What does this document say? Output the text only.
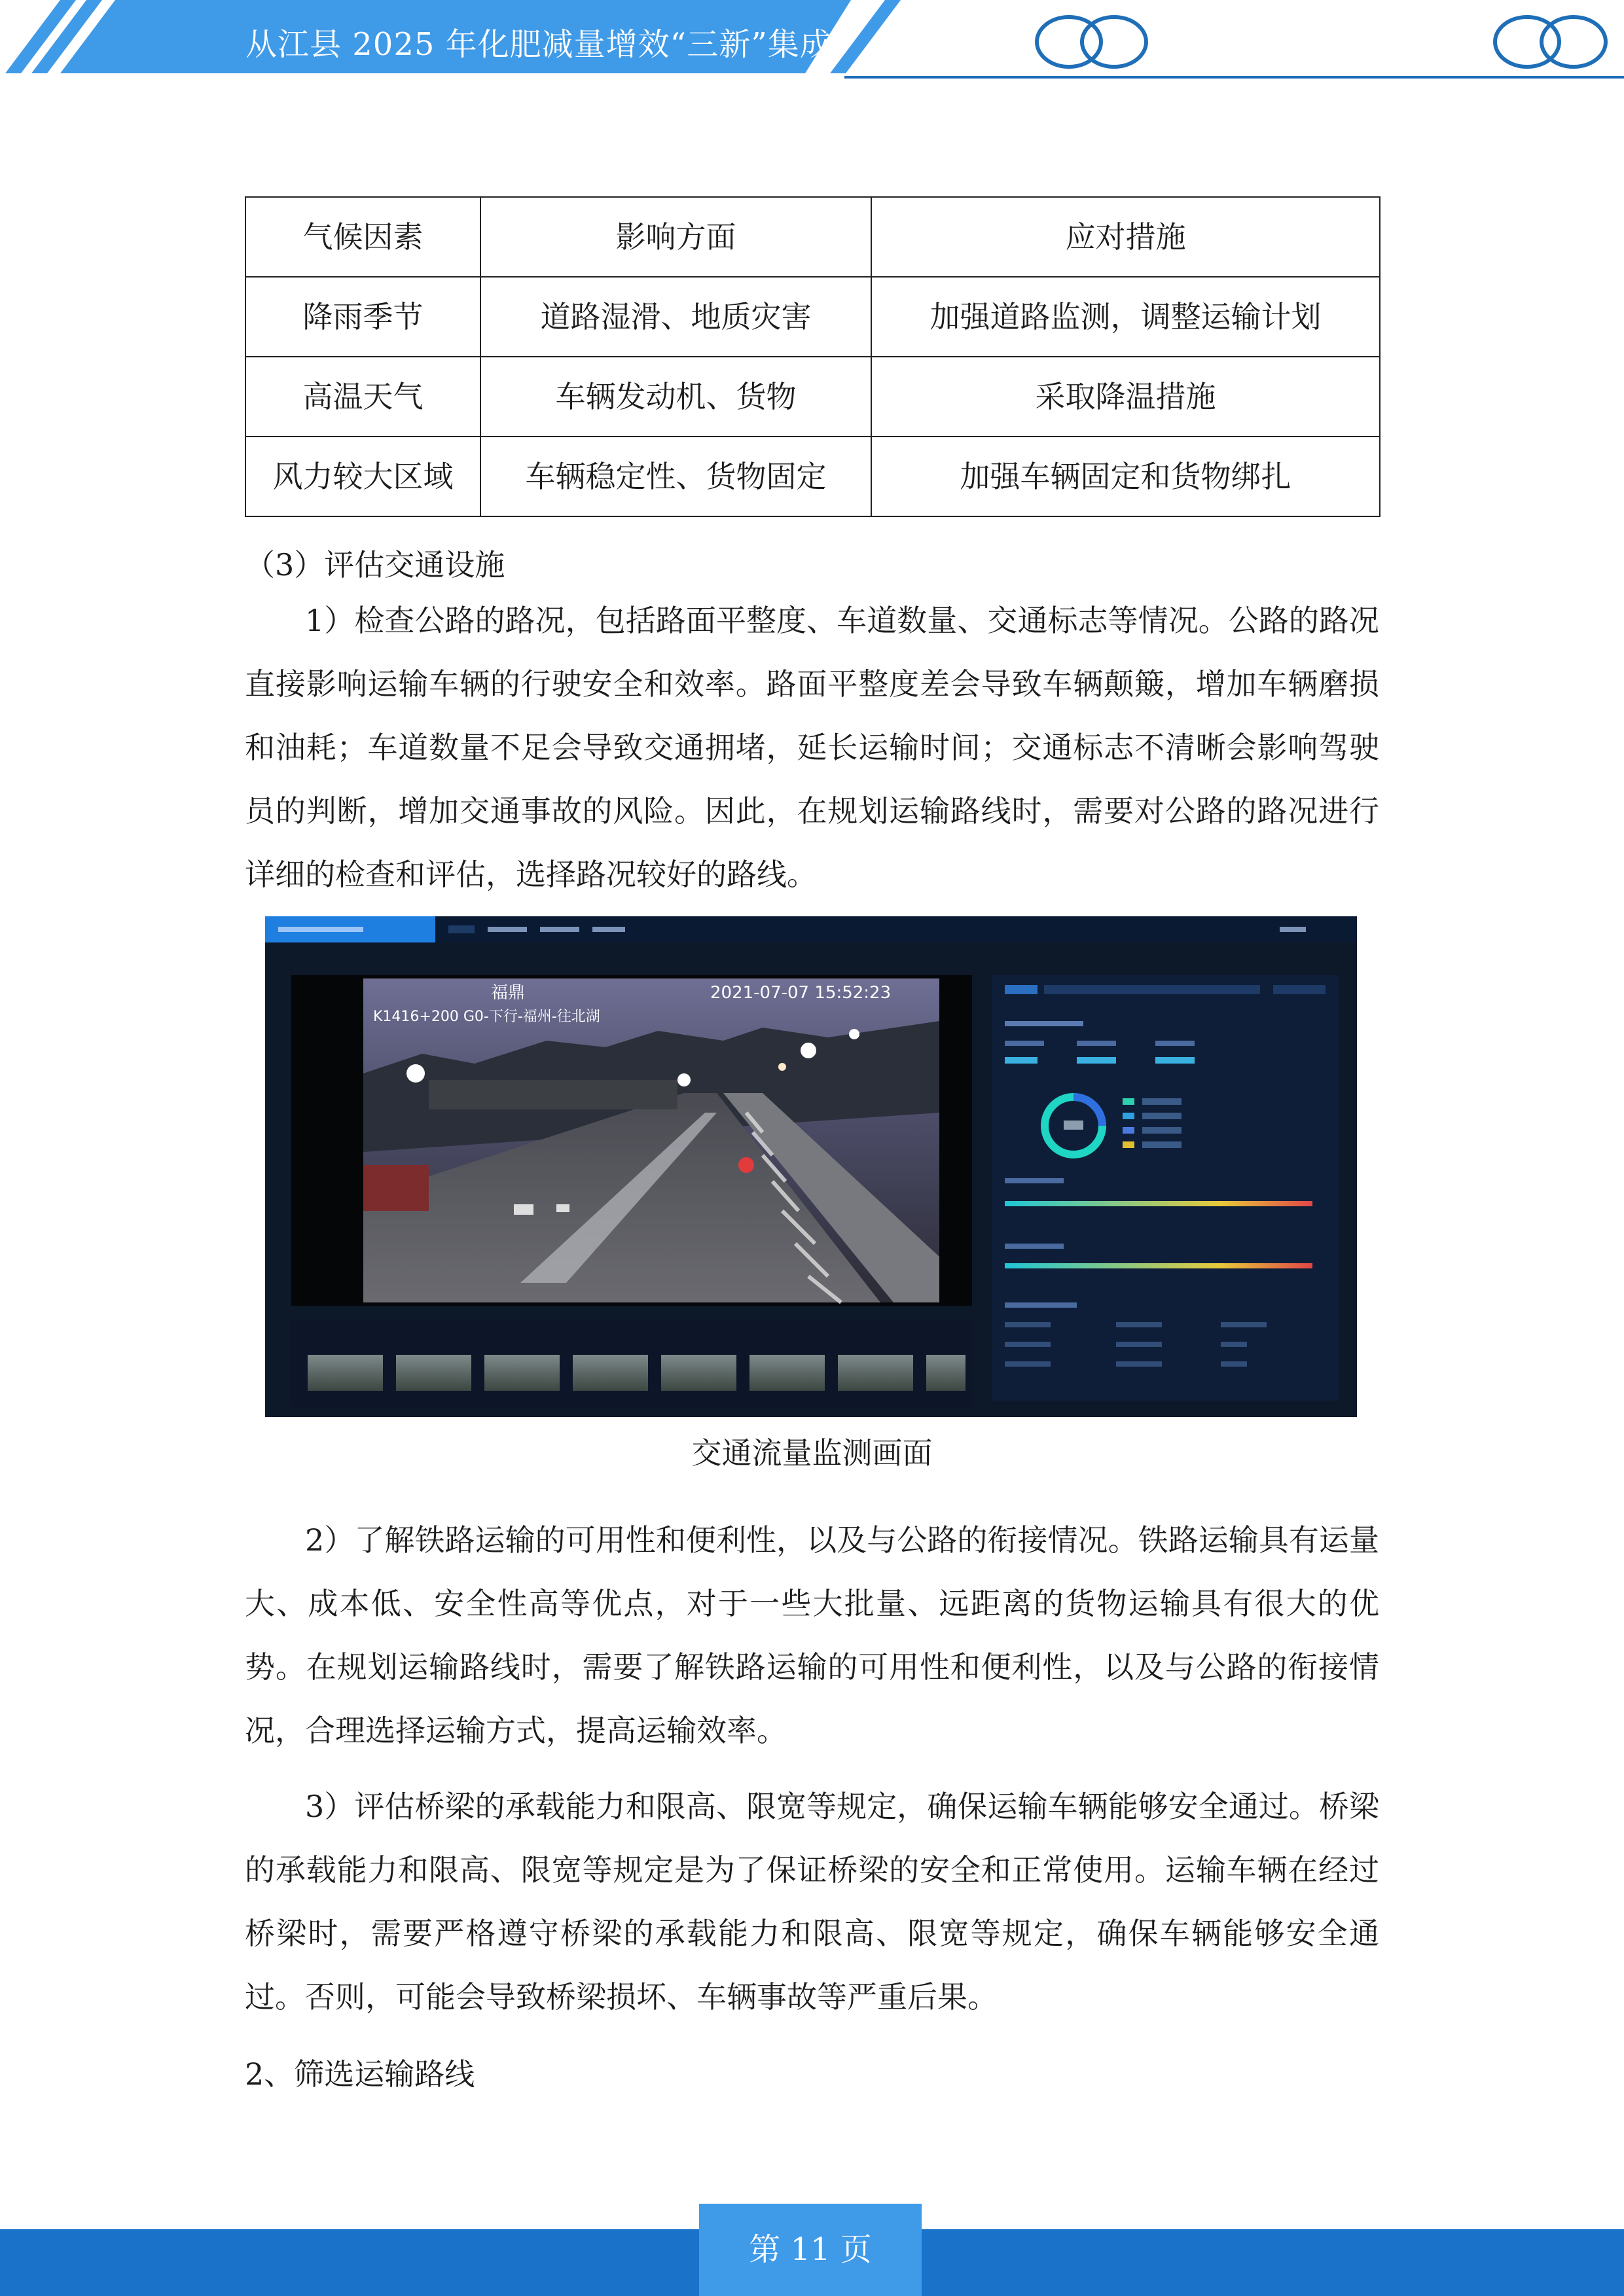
从江县 2025 年化肥减量增效“三新”集成
气候因素	影响方面	应对措施
降雨季节	道路湿滑、地质灾害	加强道路监测，调整运输计划
高温天气	车辆发动机、货物	采取降温措施
风力较大区域	车辆稳定性、货物固定	加强车辆固定和货物绑扎

（3）评估交通设施

1）检查公路的路况，包括路面平整度、车道数量、交通标志等情况。公路的路况直接影响运输车辆的行驶安全和效率。路面平整度差会导致车辆颠簸，增加车辆磨损和油耗；车道数量不足会导致交通拥堵，延长运输时间；交通标志不清晰会影响驾驶员的判断，增加交通事故的风险。因此，在规划运输路线时，需要对公路的路况进行详细的检查和评估，选择路况较好的路线。

福鼎	2021-07-07 15:52:23
K1416+200 G0-下行-福州-往北湖
交通流量监测画面

2）了解铁路运输的可用性和便利性，以及与公路的衔接情况。铁路运输具有运量大、成本低、安全性高等优点，对于一些大批量、远距离的货物运输具有很大的优势。在规划运输路线时，需要了解铁路运输的可用性和便利性，以及与公路的衔接情况，合理选择运输方式，提高运输效率。

3）评估桥梁的承载能力和限高、限宽等规定，确保运输车辆能够安全通过。桥梁的承载能力和限高、限宽等规定是为了保证桥梁的安全和正常使用。运输车辆在经过桥梁时，需要严格遵守桥梁的承载能力和限高、限宽等规定，确保车辆能够安全通过。否则，可能会导致桥梁损坏、车辆事故等严重后果。

2、筛选运输路线

第 11 页
